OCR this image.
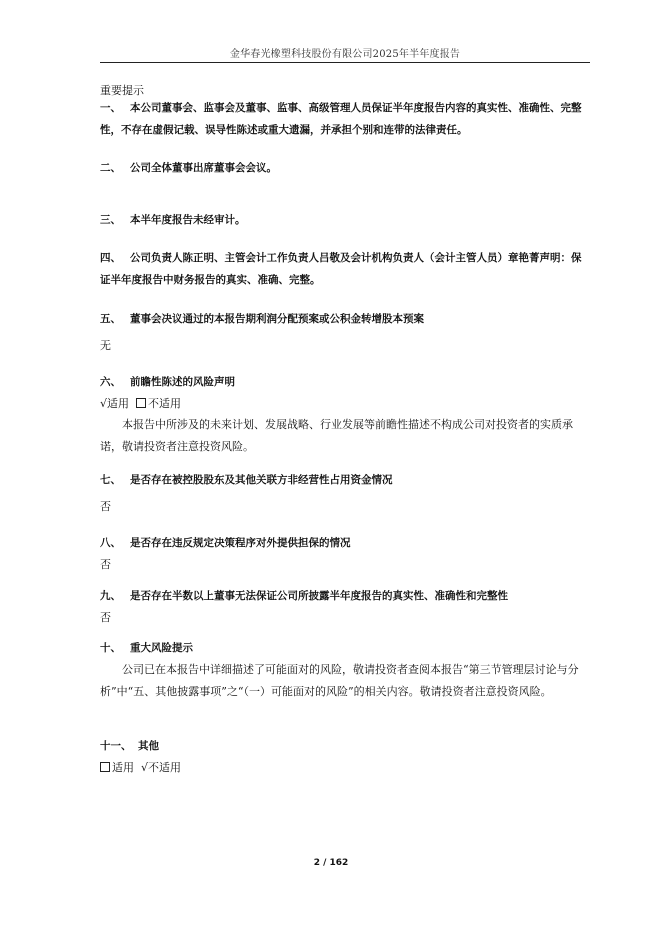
金华春光橡塑科技股份有限公司2025年半年度报告
重要提示
一、 本公司董事会、监事会及董事、监事、高级管理人员保证半年度报告内容的真实性、准确性、完整性，不存在虚假记载、误导性陈述或重大遗漏，并承担个别和连带的法律责任。
二、 公司全体董事出席董事会会议。
三、 本半年度报告未经审计。
四、 公司负责人陈正明、主管会计工作负责人吕敬及会计机构负责人（会计主管人员）章艳菁声明：保证半年度报告中财务报告的真实、准确、完整。
五、 董事会决议通过的本报告期利润分配预案或公积金转增股本预案
无
六、 前瞻性陈述的风险声明
√适用 不适用
本报告中所涉及的未来计划、发展战略、行业发展等前瞻性描述不构成公司对投资者的实质承诺，敬请投资者注意投资风险。
七、 是否存在被控股股东及其他关联方非经营性占用资金情况
否
八、 是否存在违反规定决策程序对外提供担保的情况
否
九、 是否存在半数以上董事无法保证公司所披露半年度报告的真实性、准确性和完整性
否
十、 重大风险提示
公司已在本报告中详细描述了可能面对的风险，敬请投资者查阅本报告“第三节管理层讨论与分析”中“五、其他披露事项”之“（一）可能面对的风险”的相关内容。敬请投资者注意投资风险。
十一、 其他
适用 √不适用
2 / 162
